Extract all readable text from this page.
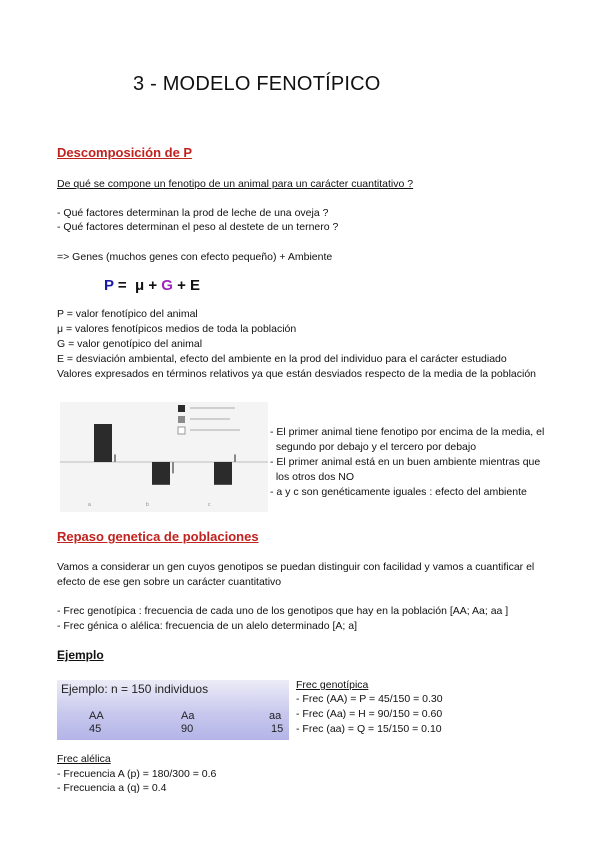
3 - MODELO FENOTÍPICO
Descomposición de P
De qué se compone un fenotipo de un animal para un carácter cuantitativo ?
- Qué factores determinan la prod de leche de una oveja ?
- Qué factores determinan el peso al destete de un ternero ?
=> Genes (muchos genes con efecto pequeño) + Ambiente
P =  μ + G + E
P = valor fenotípico del animal
μ = valores fenotípicos medios de toda la población
G = valor genotípico del animal
E = desviación ambiental, efecto del ambiente en la prod del individuo para el carácter estudiado
Valores expresados en términos relativos ya que están desviados respecto de la media de la población
a	b	c
- El primer animal tiene fenotipo por encima de la media, el
segundo por debajo y el tercero por debajo
- El primer animal está en un buen ambiente mientras que
los otros dos NO
- a y c son genéticamente iguales : efecto del ambiente
Repaso genetica de poblaciones
Vamos a considerar un gen cuyos genotipos se puedan distinguir con facilidad y vamos a cuantificar el
efecto de ese gen sobre un carácter cuantitativo
- Frec genotípica : frecuencia de cada uno de los genotipos que hay en la población [AA; Aa; aa ]
- Frec génica o alélica: frecuencia de un alelo determinado [A; a]
Ejemplo
Ejemplo: n = 150 individuos
AA	Aa	aa
45	90	15
Frec genotípica
- Frec (AA) = P = 45/150 = 0.30
- Frec (Aa) = H = 90/150 = 0.60
- Frec (aa) = Q = 15/150 = 0.10
Frec alélica
- Frecuencia A (p) = 180/300 = 0.6
- Frecuencia a (q) = 0.4
